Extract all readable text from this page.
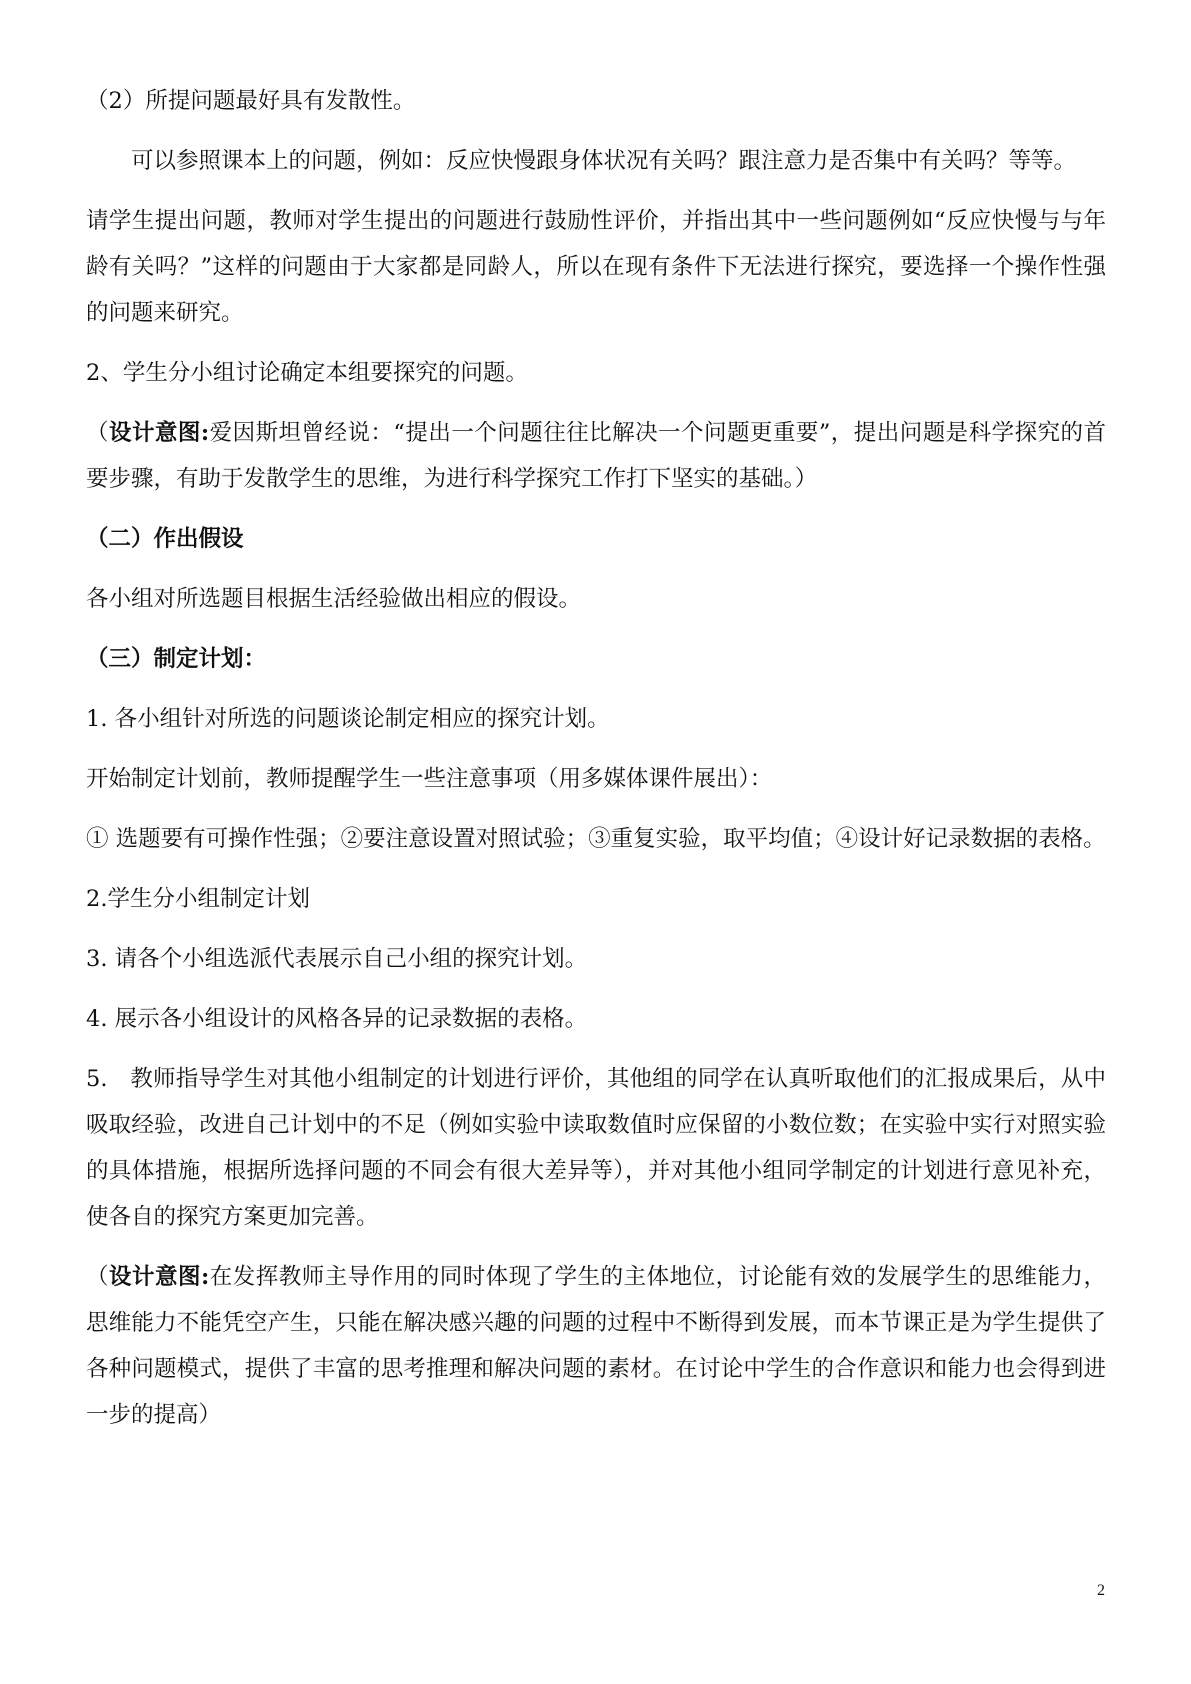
（2）所提问题最好具有发散性。

可以参照课本上的问题，例如：反应快慢跟身体状况有关吗？跟注意力是否集中有关吗？等等。

请学生提出问题，教师对学生提出的问题进行鼓励性评价，并指出其中一些问题例如“反应快慢与与年龄有关吗？”这样的问题由于大家都是同龄人，所以在现有条件下无法进行探究，要选择一个操作性强的问题来研究。

2、学生分小组讨论确定本组要探究的问题。

（设计意图:爱因斯坦曾经说：“提出一个问题往往比解决一个问题更重要”，提出问题是科学探究的首要步骤，有助于发散学生的思维，为进行科学探究工作打下坚实的基础。）

（二）作出假设

各小组对所选题目根据生活经验做出相应的假设。

（三）制定计划：

1. 各小组针对所选的问题谈论制定相应的探究计划。

开始制定计划前，教师提醒学生一些注意事项（用多媒体课件展出）：

① 选题要有可操作性强；②要注意设置对照试验；③重复实验，取平均值；④设计好记录数据的表格。

2.学生分小组制定计划

3. 请各个小组选派代表展示自己小组的探究计划。

4. 展示各小组设计的风格各异的记录数据的表格。

5.　教师指导学生对其他小组制定的计划进行评价，其他组的同学在认真听取他们的汇报成果后，从中吸取经验，改进自己计划中的不足（例如实验中读取数值时应保留的小数位数；在实验中实行对照实验的具体措施，根据所选择问题的不同会有很大差异等），并对其他小组同学制定的计划进行意见补充，使各自的探究方案更加完善。

（设计意图:在发挥教师主导作用的同时体现了学生的主体地位，讨论能有效的发展学生的思维能力，思维能力不能凭空产生，只能在解决感兴趣的问题的过程中不断得到发展，而本节课正是为学生提供了各种问题模式，提供了丰富的思考推理和解决问题的素材。在讨论中学生的合作意识和能力也会得到进一步的提高）

2
